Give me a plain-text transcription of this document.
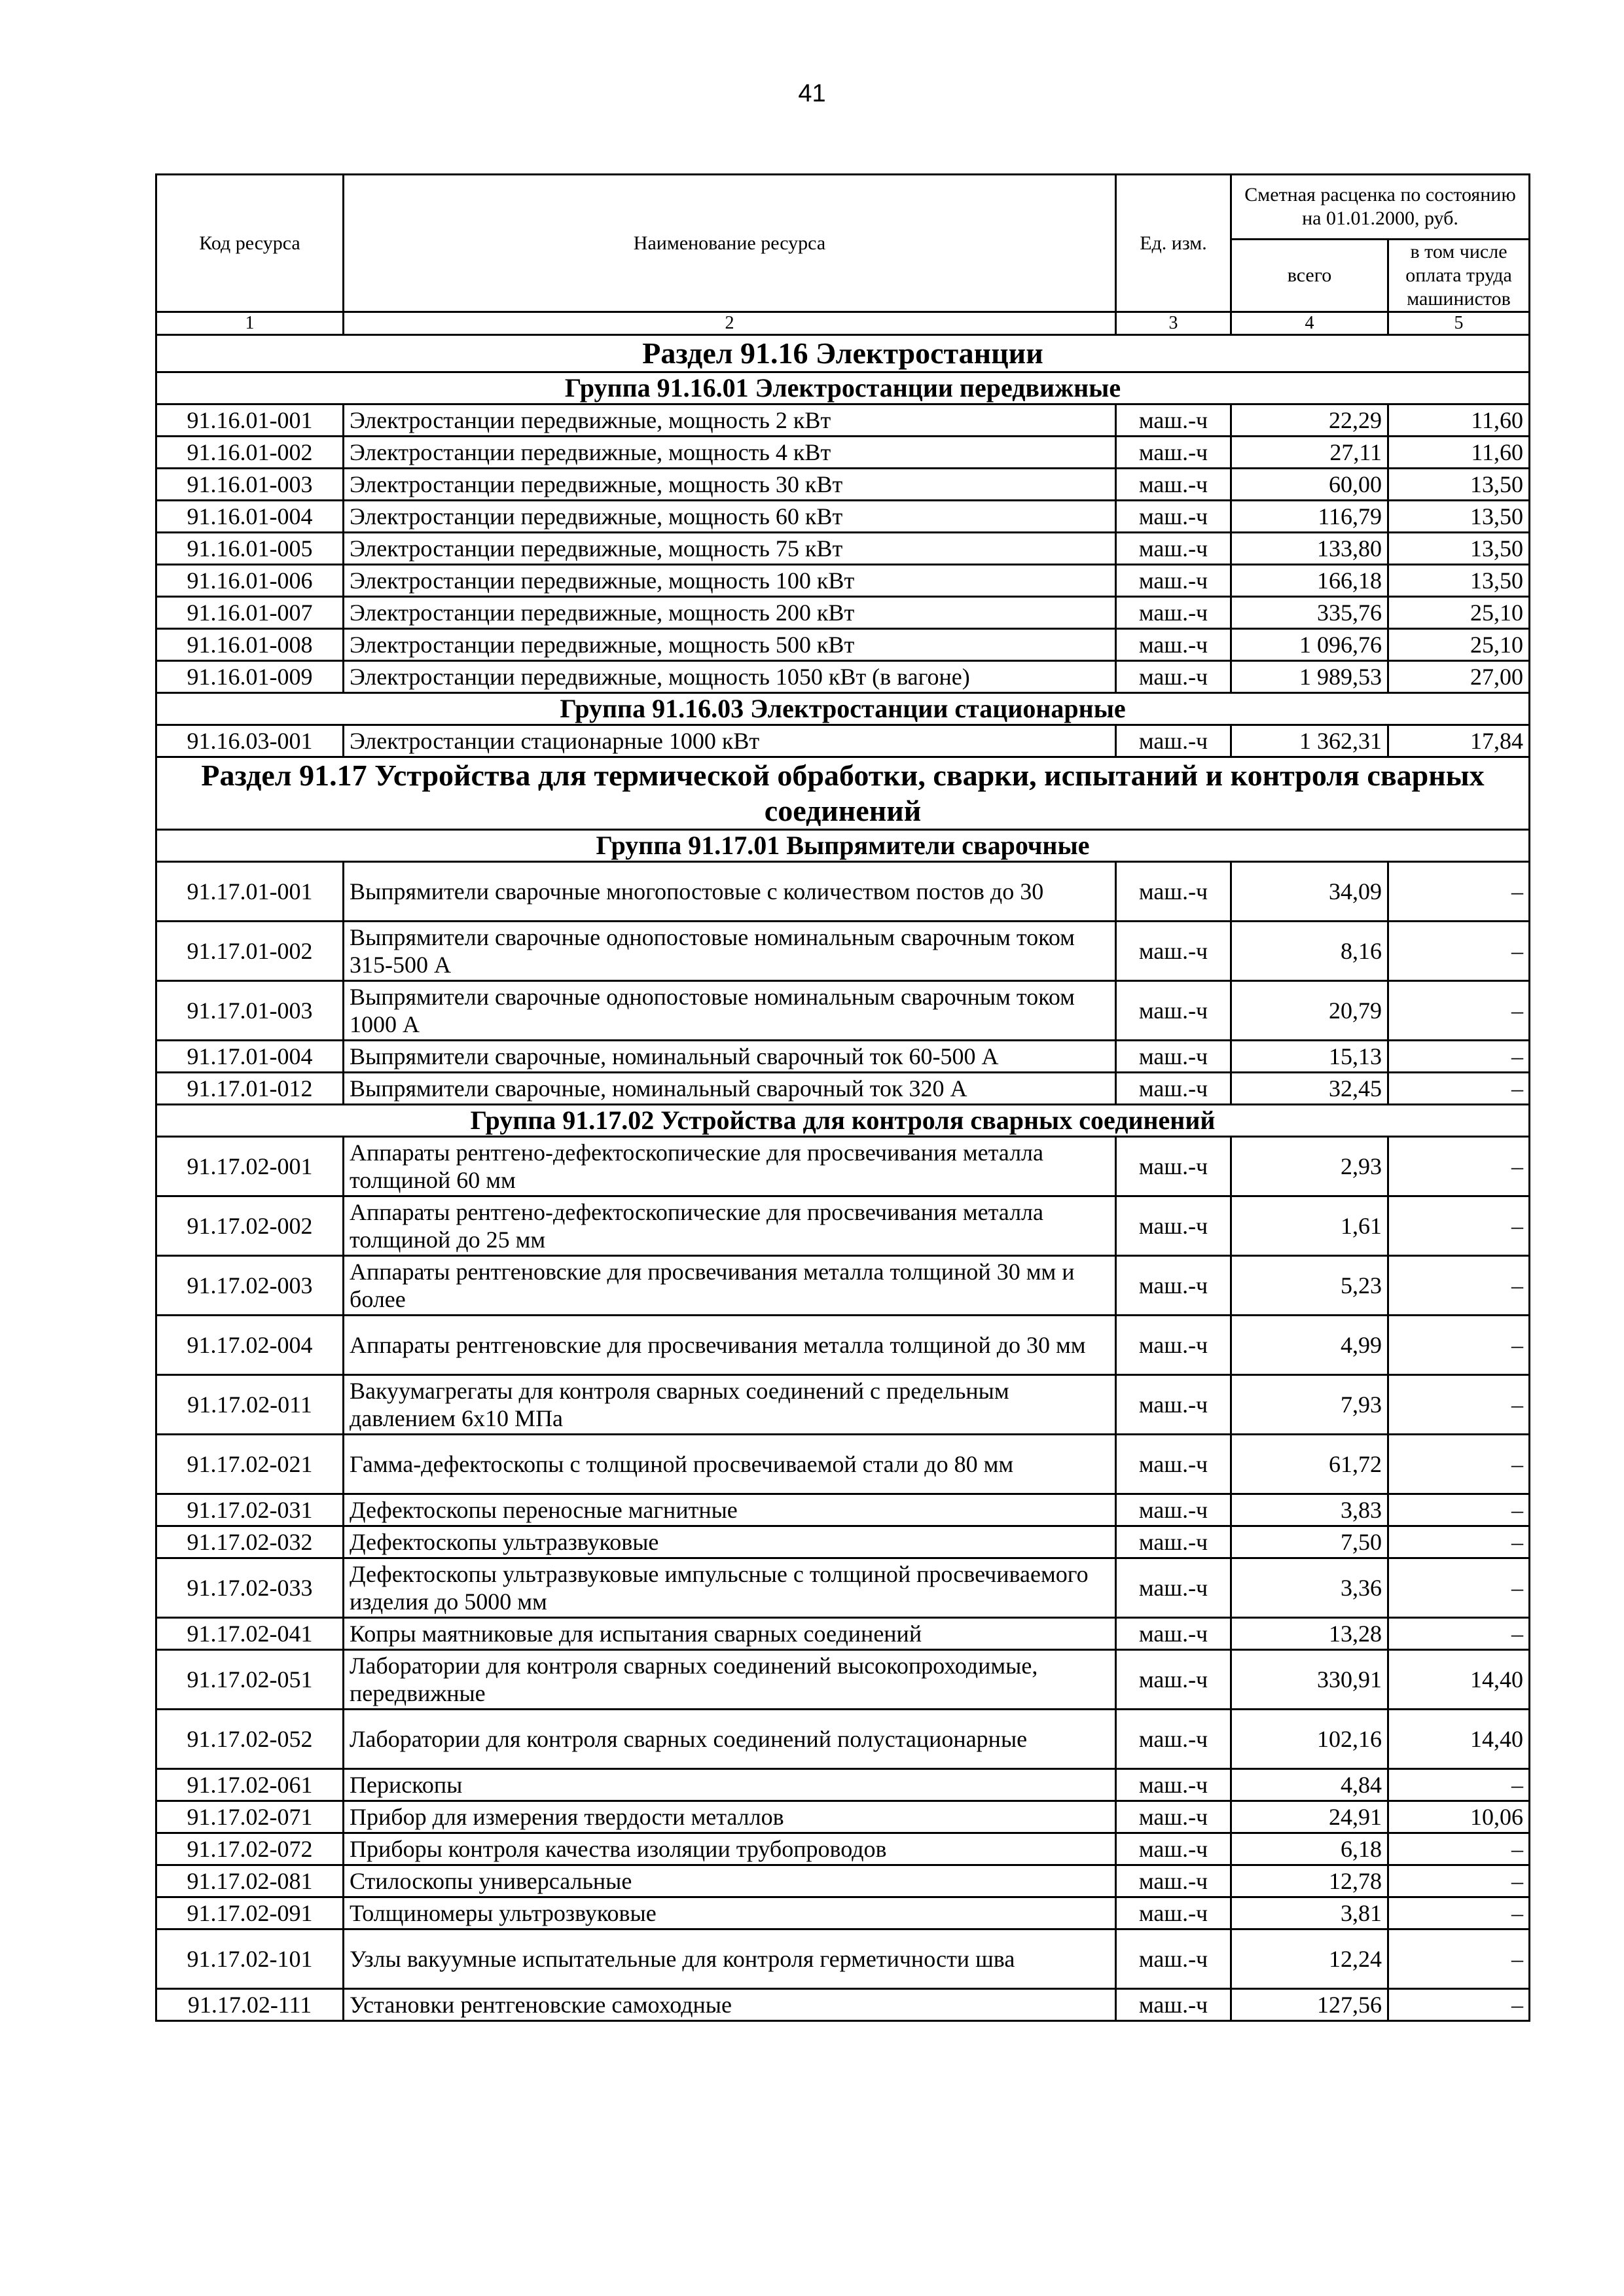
41
Код ресурса	Наименование ресурса	Ед. изм.	Сметная расценка по состоянию на 01.01.2000, руб.	
			всего	в том числе оплата труда машинистов
1	2	3	4	5
Раздел 91.16 Электростанции				
Группа 91.16.01 Электростанции передвижные				
91.16.01-001	Электростанции передвижные, мощность 2 кВт	маш.-ч	22,29	11,60
91.16.01-002	Электростанции передвижные, мощность 4 кВт	маш.-ч	27,11	11,60
91.16.01-003	Электростанции передвижные, мощность 30 кВт	маш.-ч	60,00	13,50
91.16.01-004	Электростанции передвижные, мощность 60 кВт	маш.-ч	116,79	13,50
91.16.01-005	Электростанции передвижные, мощность 75 кВт	маш.-ч	133,80	13,50
91.16.01-006	Электростанции передвижные, мощность 100 кВт	маш.-ч	166,18	13,50
91.16.01-007	Электростанции передвижные, мощность 200 кВт	маш.-ч	335,76	25,10
91.16.01-008	Электростанции передвижные, мощность 500 кВт	маш.-ч	1 096,76	25,10
91.16.01-009	Электростанции передвижные, мощность 1050 кВт (в вагоне)	маш.-ч	1 989,53	27,00
Группа 91.16.03 Электростанции стационарные				
91.16.03-001	Электростанции стационарные 1000 кВт	маш.-ч	1 362,31	17,84
Раздел 91.17 Устройства для термической обработки, сварки, испытаний и контроля сварных соединений				
Группа 91.17.01 Выпрямители сварочные				
91.17.01-001	Выпрямители сварочные многопостовые с количеством постов до 30	маш.-ч	34,09	–
91.17.01-002	Выпрямители сварочные однопостовые номинальным сварочным током 315-500 А	маш.-ч	8,16	–
91.17.01-003	Выпрямители сварочные однопостовые номинальным сварочным током 1000 А	маш.-ч	20,79	–
91.17.01-004	Выпрямители сварочные, номинальный сварочный ток 60-500 А	маш.-ч	15,13	–
91.17.01-012	Выпрямители сварочные, номинальный сварочный ток 320 А	маш.-ч	32,45	–
Группа 91.17.02 Устройства для контроля сварных соединений				
91.17.02-001	Аппараты рентгено-дефектоскопические для просвечивания металла толщиной 60 мм	маш.-ч	2,93	–
91.17.02-002	Аппараты рентгено-дефектоскопические для просвечивания металла толщиной до 25 мм	маш.-ч	1,61	–
91.17.02-003	Аппараты рентгеновские для просвечивания металла толщиной 30 мм и более	маш.-ч	5,23	–
91.17.02-004	Аппараты рентгеновские для просвечивания металла толщиной до 30 мм	маш.-ч	4,99	–
91.17.02-011	Вакуумагрегаты для контроля сварных соединений с предельным давлением 6х10 МПа	маш.-ч	7,93	–
91.17.02-021	Гамма-дефектоскопы с толщиной просвечиваемой стали до 80 мм	маш.-ч	61,72	–
91.17.02-031	Дефектоскопы переносные магнитные	маш.-ч	3,83	–
91.17.02-032	Дефектоскопы ультразвуковые	маш.-ч	7,50	–
91.17.02-033	Дефектоскопы ультразвуковые импульсные с толщиной просвечиваемого изделия до 5000 мм	маш.-ч	3,36	–
91.17.02-041	Копры маятниковые для испытания сварных соединений	маш.-ч	13,28	–
91.17.02-051	Лаборатории для контроля сварных соединений высокопроходимые, передвижные	маш.-ч	330,91	14,40
91.17.02-052	Лаборатории для контроля сварных соединений полустационарные	маш.-ч	102,16	14,40
91.17.02-061	Перископы	маш.-ч	4,84	–
91.17.02-071	Прибор для измерения твердости металлов	маш.-ч	24,91	10,06
91.17.02-072	Приборы контроля качества изоляции трубопроводов	маш.-ч	6,18	–
91.17.02-081	Стилоскопы универсальные	маш.-ч	12,78	–
91.17.02-091	Толщиномеры ультрозвуковые	маш.-ч	3,81	–
91.17.02-101	Узлы вакуумные испытательные для контроля герметичности шва	маш.-ч	12,24	–
91.17.02-111	Установки рентгеновские самоходные	маш.-ч	127,56	–
